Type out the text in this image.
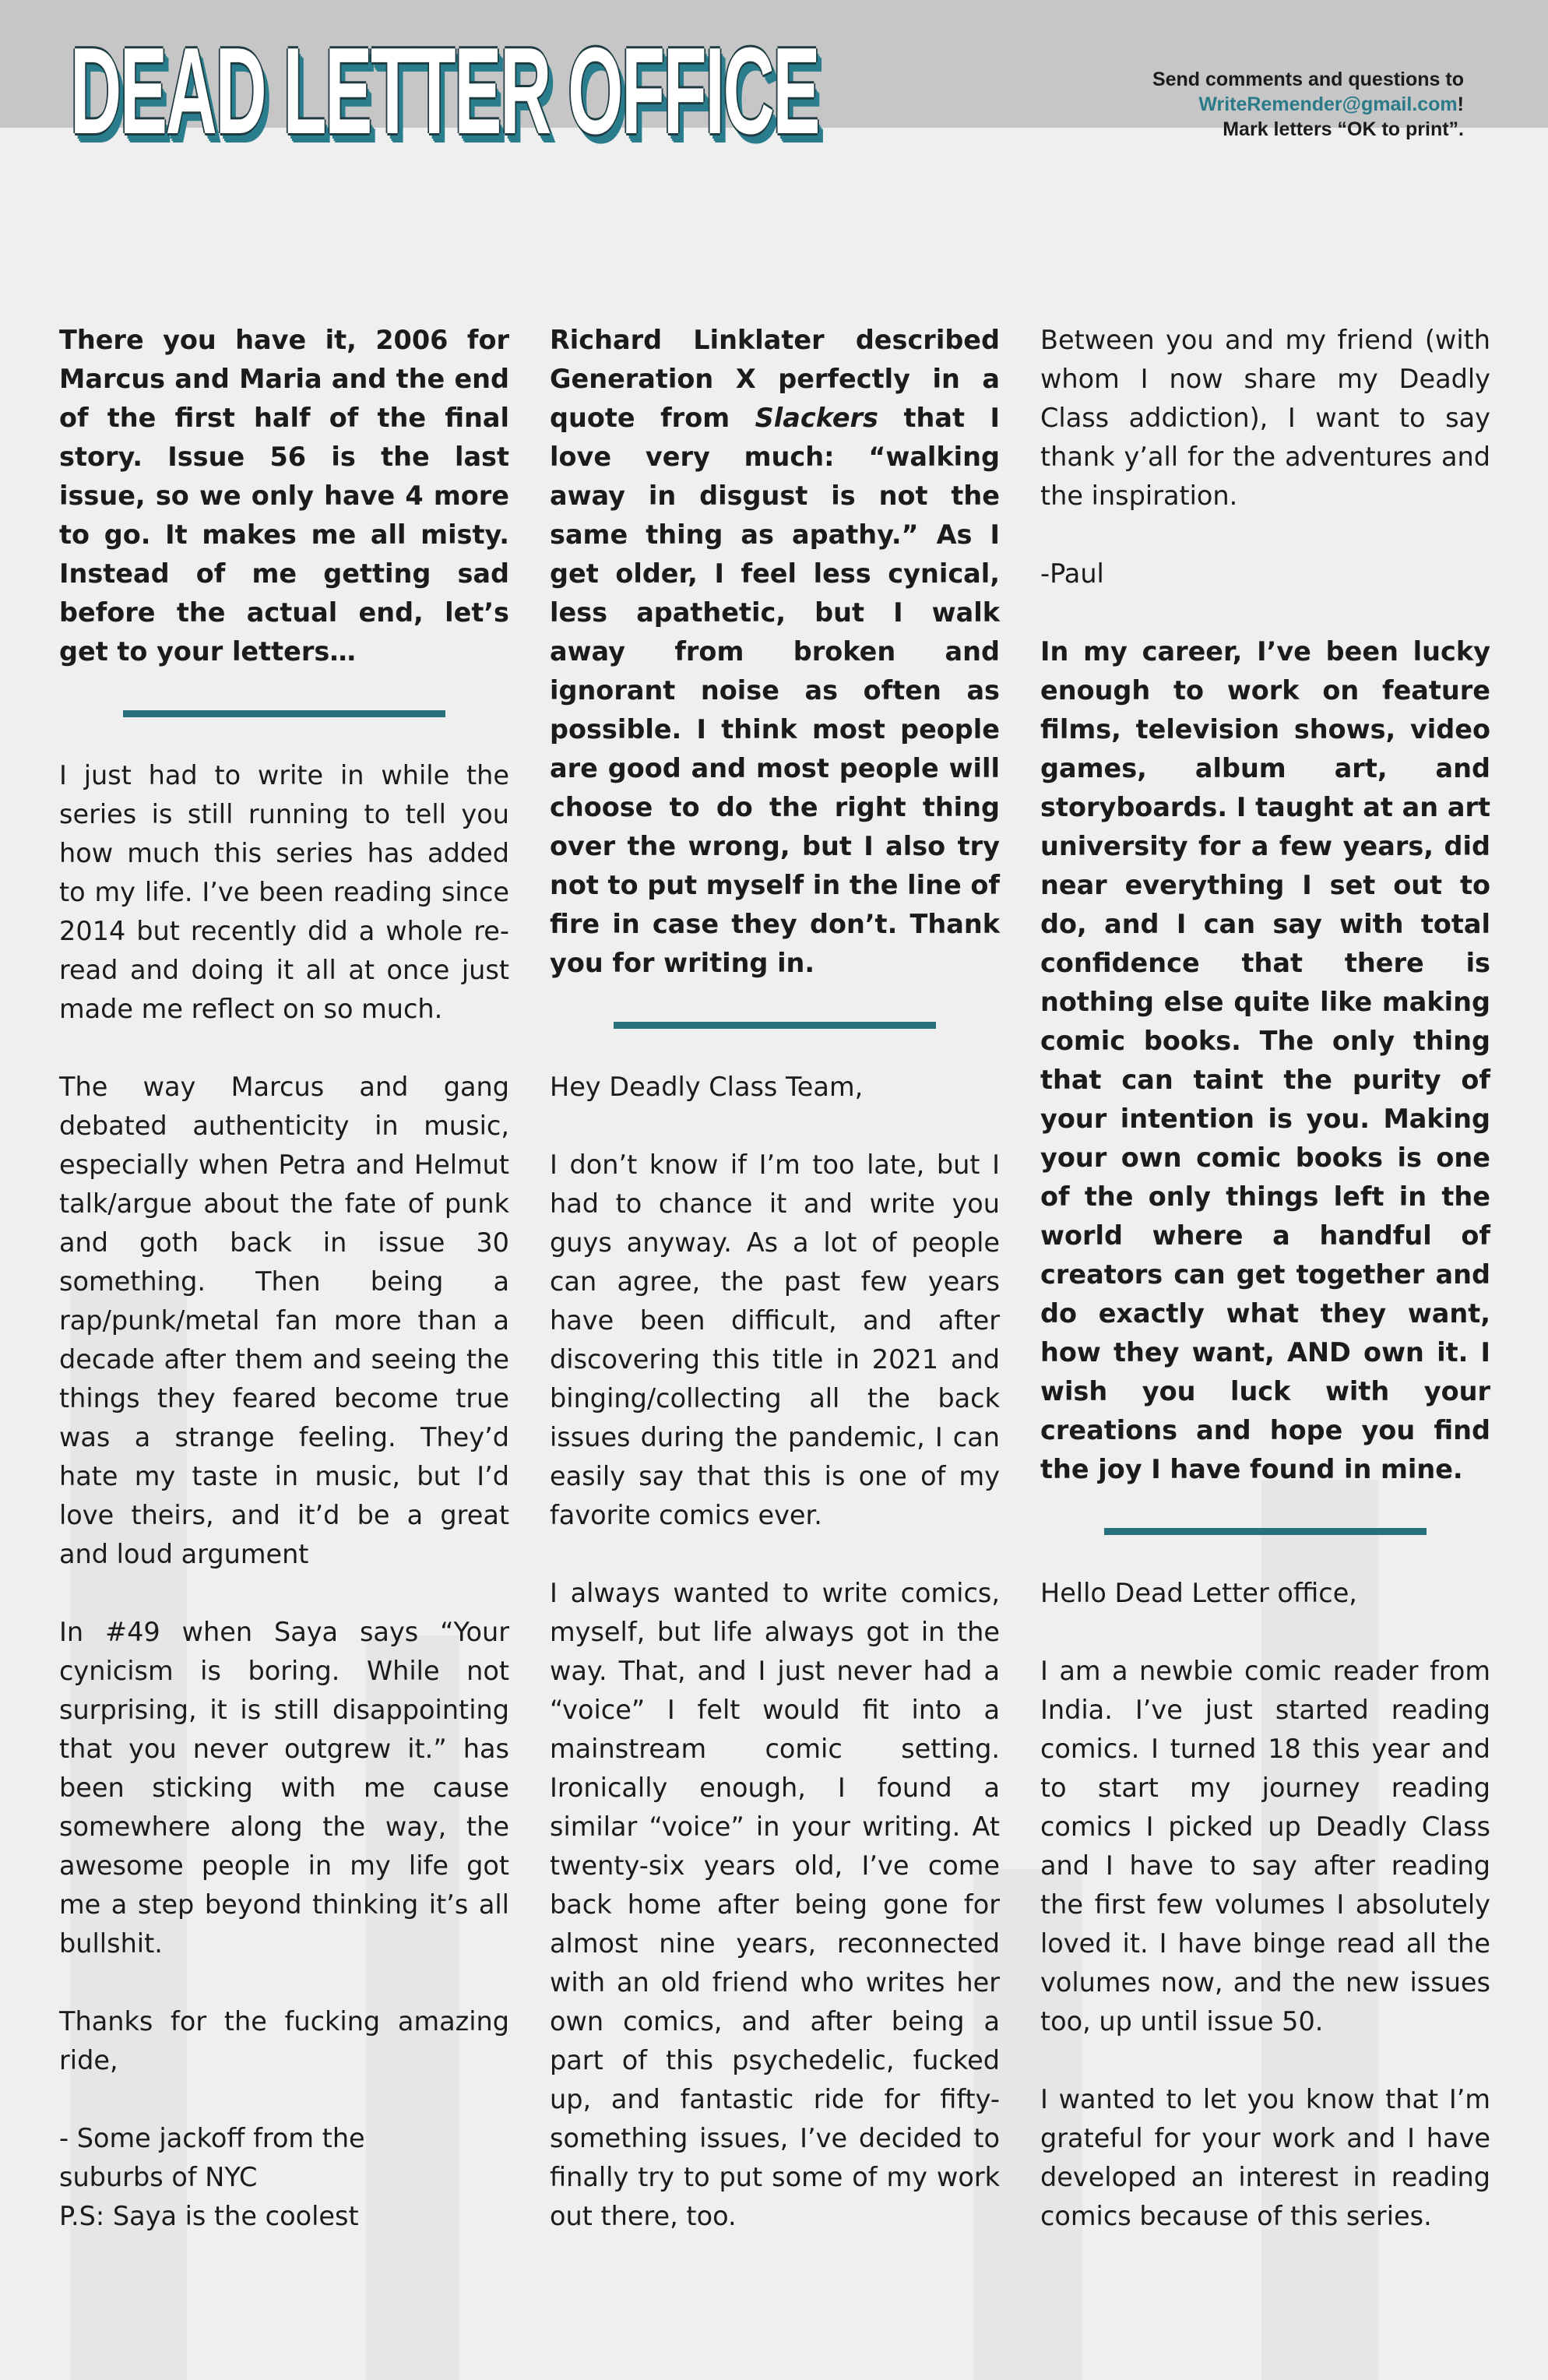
DEAD LETTER OFFICE	Send comments and questions to
WriteRemender@gmail.com!
Mark letters “OK to print”.

There you have it, 2006 for Marcus and Maria and the end of the first half of the final story. Issue 56 is the last issue, so we only have 4 more to go. It makes me all misty. Instead of me getting sad before the actual end, let’s get to your letters…

I just had to write in while the series is still running to tell you how much this series has added to my life. I’ve been reading since 2014 but recently did a whole re-read and doing it all at once just made me reflect on so much.

The way Marcus and gang debated authenticity in music, especially when Petra and Helmut talk/argue about the fate of punk and goth back in issue 30 something. Then being a rap/punk/metal fan more than a decade after them and seeing the things they feared become true was a strange feeling. They’d hate my taste in music, but I’d love theirs, and it’d be a great and loud argument

In #49 when Saya says “Your cynicism is boring. While not surprising, it is still disappointing that you never outgrew it.” has been sticking with me cause somewhere along the way, the awesome people in my life got me a step beyond thinking it’s all bullshit.

Thanks for the fucking amazing ride,

- Some jackoff from the
suburbs of NYC
P.S: Saya is the coolest

Richard Linklater described Generation X perfectly in a quote from Slackers that I love very much: “walking away in disgust is not the same thing as apathy.” As I get older, I feel less cynical, less apathetic, but I walk away from broken and ignorant noise as often as possible. I think most people are good and most people will choose to do the right thing over the wrong, but I also try not to put myself in the line of fire in case they don’t. Thank you for writing in.

Hey Deadly Class Team,

I don’t know if I’m too late, but I had to chance it and write you guys anyway. As a lot of people can agree, the past few years have been difficult, and after discovering this title in 2021 and binging/collecting all the back issues during the pandemic, I can easily say that this is one of my favorite comics ever.

I always wanted to write comics, myself, but life always got in the way. That, and I just never had a “voice” I felt would fit into a mainstream comic setting. Ironically enough, I found a similar “voice” in your writing. At twenty-six years old, I’ve come back home after being gone for almost nine years, reconnected with an old friend who writes her own comics, and after being a part of this psychedelic, fucked up, and fantastic ride for fifty-something issues, I’ve decided to finally try to put some of my work out there, too.

Between you and my friend (with whom I now share my Deadly Class addiction), I want to say thank y’all for the adventures and the inspiration.

-Paul

In my career, I’ve been lucky enough to work on feature films, television shows, video games, album art, and storyboards. I taught at an art university for a few years, did near everything I set out to do, and I can say with total confidence that there is nothing else quite like making comic books. The only thing that can taint the purity of your intention is you. Making your own comic books is one of the only things left in the world where a handful of creators can get together and do exactly what they want, how they want, AND own it. I wish you luck with your creations and hope you find the joy I have found in mine.

Hello Dead Letter office,

I am a newbie comic reader from India. I’ve just started reading comics. I turned 18 this year and to start my journey reading comics I picked up Deadly Class and I have to say after reading the first few volumes I absolutely loved it. I have binge read all the volumes now, and the new issues too, up until issue 50.

I wanted to let you know that I’m grateful for your work and I have developed an interest in reading comics because of this series.
